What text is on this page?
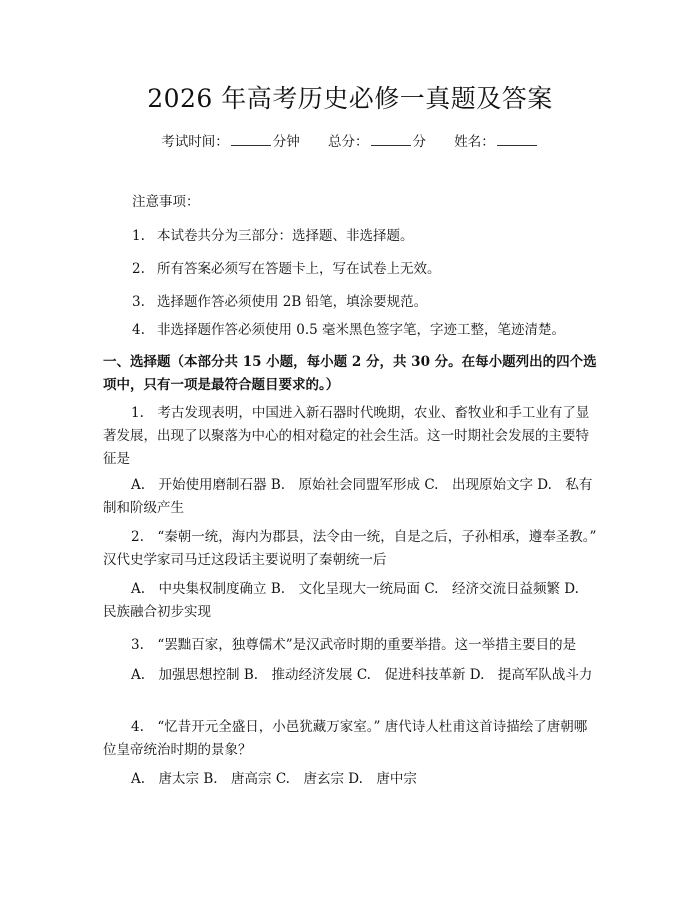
2026 年高考历史必修一真题及答案
考试时间：	分钟 总分：	分 姓名：
注意事项：
1. 本试卷共分为三部分：选择题、非选择题。
2. 所有答案必须写在答题卡上，写在试卷上无效。
3. 选择题作答必须使用 2B 铅笔，填涂要规范。
4. 非选择题作答必须使用 0.5 毫米黑色签字笔，字迹工整，笔迹清楚。
一、选择题（本部分共 15 小题，每小题 2 分，共 30 分。在每小题列出的四个选项中，只有一项是最符合题目要求的。）
1.　考古发现表明，中国进入新石器时代晚期，农业、畜牧业和手工业有了显著发展，出现了以聚落为中心的相对稳定的社会生活。这一时期社会发展的主要特征是
A.　开始使用磨制石器 B.　原始社会同盟军形成 C.　出现原始文字 D.　私有制和阶级产生
2.　“秦朝一统，海内为郡县，法令由一统，自是之后，子孙相承，遵奉圣教。” 汉代史学家司马迁这段话主要说明了秦朝统一后
A.　中央集权制度确立 B.　文化呈现大一统局面 C.　经济交流日益频繁 D.　民族融合初步实现
3.　“罢黜百家，独尊儒术”是汉武帝时期的重要举措。这一举措主要目的是
A.　加强思想控制 B.　推动经济发展 C.　促进科技革新 D.　提高军队战斗力
4.　“忆昔开元全盛日，小邑犹藏万家室。” 唐代诗人杜甫这首诗描绘了唐朝哪位皇帝统治时期的景象？
A.　唐太宗 B.　唐高宗 C.　唐玄宗 D.　唐中宗
